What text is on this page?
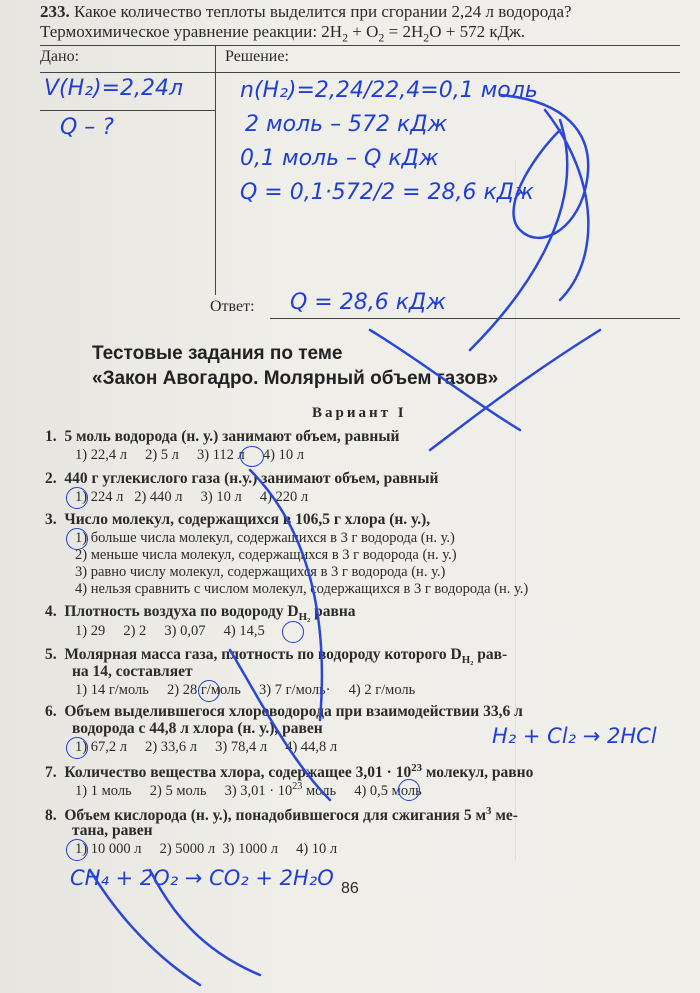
233. Какое количество теплоты выделится при сгорании 2,24 л водорода?
Термохимическое уравнение реакции: $2H_2 + O_2 = 2H_2O + 572$ кДж.
Дано:	Решение:
Ответ:
V(H₂)=2,24л
Q – ?
n(H₂)=2,24/22,4=0,1 моль
2 моль – 572 кДж
0,1 моль – Q кДж
Q = 0,1·572/2 = 28,6 кДж
Q = 28,6 кДж
Тестовые задания по теме
«Закон Авогадро. Молярный объем газов»
Вариант I
1. 5 моль водорода (н. у.) занимают объем, равный
1) 22,4 л     2) 5 л     3) 112 л     4) 10 л
2. 440 г углекислого газа (н.у.) занимают объем, равный
1) 224 л   2) 440 л     3) 10 л     4) 220 л
3. Число молекул, содержащихся в 106,5 г хлора (н. у.),
1) больше числа молекул, содержащихся в 3 г водорода (н. у.)
2) меньше числа молекул, содержащихся в 3 г водорода (н. у.)
3) равно числу молекул, содержащихся в 3 г водорода (н. у.)
4) нельзя сравнить с числом молекул, содержащихся в 3 г водорода (н. у.)
4. Плотность воздуха по водороду $D_{H_2}$ равна
1) 29     2) 2     3) 0,07     4) 14,5
5. Молярная масса газа, плотность по водороду которого $D_{H_2}$ рав-
на 14, составляет
1) 14 г/моль     2) 28 г/моль     3) 7 г/моль·     4) 2 г/моль
6. Объем выделившегося хлороводорода при взаимодействии 33,6 л
водорода с 44,8 л хлора (н. у.), равен
1) 67,2 л     2) 33,6 л     3) 78,4 л     4) 44,8 л	H₂ + Cl₂ → 2HCl
7. Количество вещества хлора, содержащее $3,01 \cdot 10^{23}$ молекул, равно
1) 1 моль     2) 5 моль     3) $3,01 \cdot 10^{23}$ моль     4) 0,5 моль
8. Объем кислорода (н. у.), понадобившегося для сжигания 5 $м^3$ ме-
тана, равен
1) 10 000 л     2) 5000 л  3) 1000 л     4) 10 л
CH₄ + 2O₂ → CO₂ + 2H₂O 86
